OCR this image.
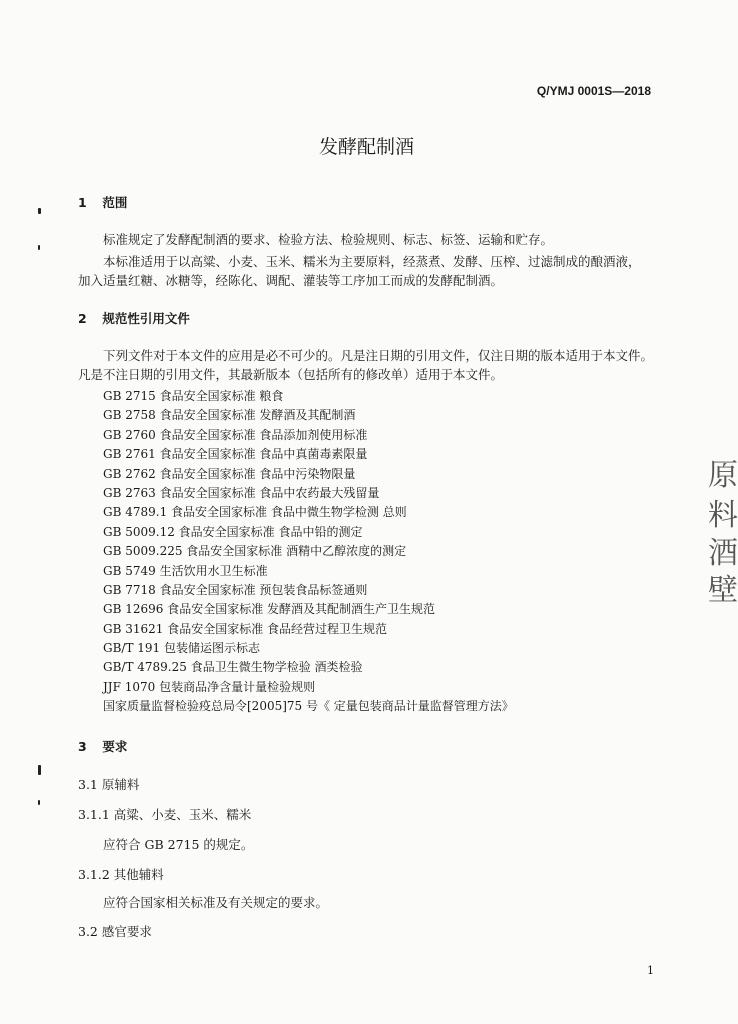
Q/YMJ 0001S—2018
发酵配制酒
1 范围
标准规定了发酵配制酒的要求、检验方法、检验规则、标志、标签、运输和贮存。
本标准适用于以高粱、小麦、玉米、糯米为主要原料，经蒸煮、发酵、压榨、过滤制成的酿酒液，
加入适量红糖、冰糖等，经陈化、调配、灌装等工序加工而成的发酵配制酒。
2 规范性引用文件
下列文件对于本文件的应用是必不可少的。凡是注日期的引用文件，仅注日期的版本适用于本文件。
凡是不注日期的引用文件，其最新版本（包括所有的修改单）适用于本文件。
GB 2715 食品安全国家标准 粮食
GB 2758 食品安全国家标准 发酵酒及其配制酒
GB 2760 食品安全国家标准 食品添加剂使用标准
GB 2761 食品安全国家标准 食品中真菌毒素限量
GB 2762 食品安全国家标准 食品中污染物限量
GB 2763 食品安全国家标准 食品中农药最大残留量
GB 4789.1 食品安全国家标准 食品中微生物学检测 总则
GB 5009.12 食品安全国家标准 食品中铅的测定
GB 5009.225 食品安全国家标准 酒精中乙醇浓度的测定
GB 5749 生活饮用水卫生标准
GB 7718 食品安全国家标准 预包装食品标签通则
GB 12696 食品安全国家标准 发酵酒及其配制酒生产卫生规范
GB 31621 食品安全国家标准 食品经营过程卫生规范
GB/T 191 包装储运图示标志
GB/T 4789.25 食品卫生微生物学检验 酒类检验
JJF 1070 包装商品净含量计量检验规则
国家质量监督检验疫总局令[2005]75 号《 定量包装商品计量监督管理方法》
3 要求
3.1 原辅料
3.1.1 高粱、小麦、玉米、糯米
应符合 GB 2715 的规定。
3.1.2 其他辅料
应符合国家相关标准及有关规定的要求。
3.2 感官要求
1
原
料
酒
壁
